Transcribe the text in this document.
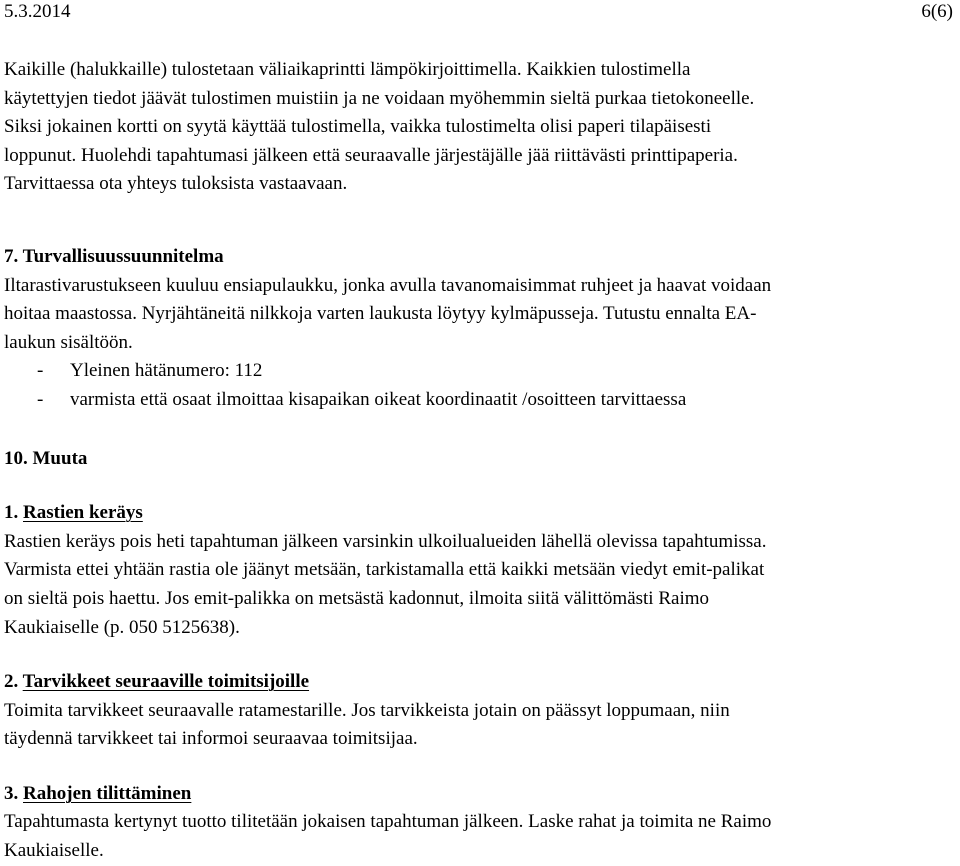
5.3.2014	6(6)
Kaikille (halukkaille) tulostetaan väliaikaprintti lämpökirjoittimella. Kaikkien tulostimella
käytettyjen tiedot jäävät tulostimen muistiin ja ne voidaan myöhemmin sieltä purkaa tietokoneelle.
Siksi jokainen kortti on syytä käyttää tulostimella, vaikka tulostimelta olisi paperi tilapäisesti
loppunut. Huolehdi tapahtumasi jälkeen että seuraavalle järjestäjälle jää riittävästi printtipaperia.
Tarvittaessa ota yhteys tuloksista vastaavaan.
7. Turvallisuussuunnitelma
Iltarastivarustukseen kuuluu ensiapulaukku, jonka avulla tavanomaisimmat ruhjeet ja haavat voidaan
hoitaa maastossa. Nyrjähtäneitä nilkkoja varten laukusta löytyy kylmäpusseja. Tutustu ennalta EA-
laukun sisältöön.
-	Yleinen hätänumero: 112
-	varmista että osaat ilmoittaa kisapaikan oikeat koordinaatit /osoitteen tarvittaessa
10. Muuta
1. Rastien keräys
Rastien keräys pois heti tapahtuman jälkeen varsinkin ulkoilualueiden lähellä olevissa tapahtumissa.
Varmista ettei yhtään rastia ole jäänyt metsään, tarkistamalla että kaikki metsään viedyt emit-palikat
on sieltä pois haettu. Jos emit-palikka on metsästä kadonnut, ilmoita siitä välittömästi Raimo
Kaukiaiselle (p. 050 5125638).
2. Tarvikkeet seuraaville toimitsijoille
Toimita tarvikkeet seuraavalle ratamestarille. Jos tarvikkeista jotain on päässyt loppumaan, niin
täydennä tarvikkeet tai informoi seuraavaa toimitsijaa.
3. Rahojen tilittäminen
Tapahtumasta kertynyt tuotto tilitetään jokaisen tapahtuman jälkeen. Laske rahat ja toimita ne Raimo
Kaukiaiselle.
